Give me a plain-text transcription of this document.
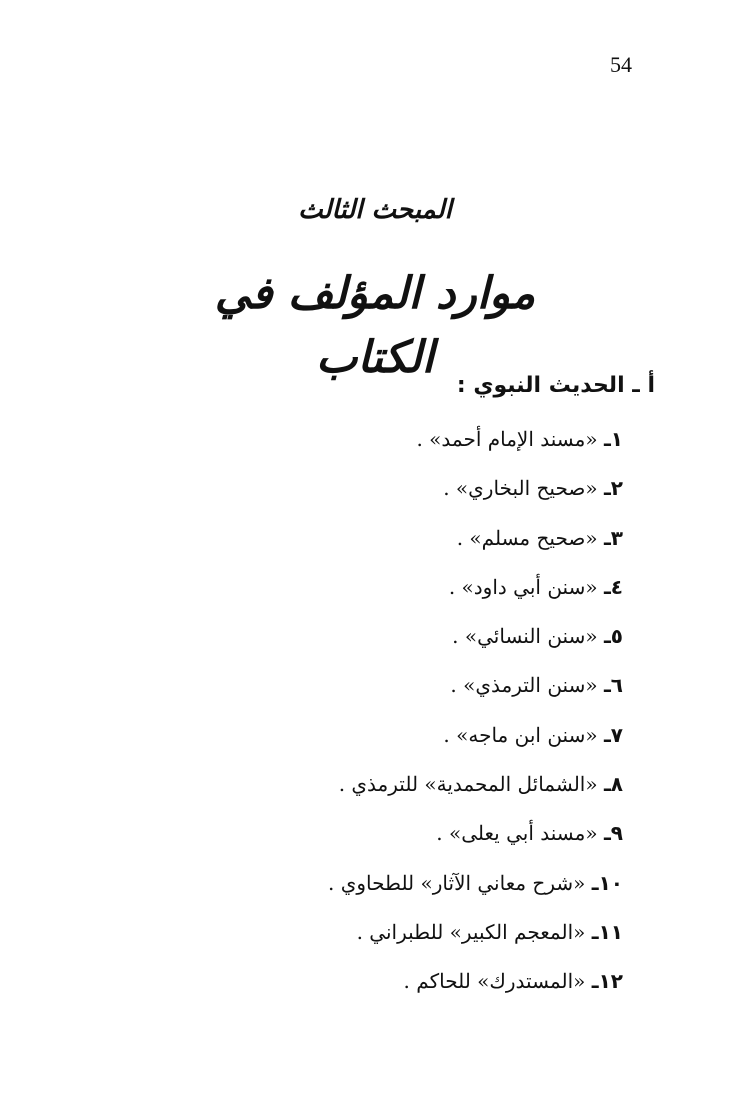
54
المبحث الثالث
موارد المؤلف في الكتاب
أ ـ الحديث النبوي :
١ـ «مسند الإمام أحمد» .
٢ـ «صحيح البخاري» .
٣ـ «صحيح مسلم» .
٤ـ «سنن أبي داود» .
٥ـ «سنن النسائي» .
٦ـ «سنن الترمذي» .
٧ـ «سنن ابن ماجه» .
٨ـ «الشمائل المحمدية» للترمذي .
٩ـ «مسند أبي يعلى» .
١٠ـ «شرح معاني الآثار» للطحاوي .
١١ـ «المعجم الكبير» للطبراني .
١٢ـ «المستدرك» للحاكم .
